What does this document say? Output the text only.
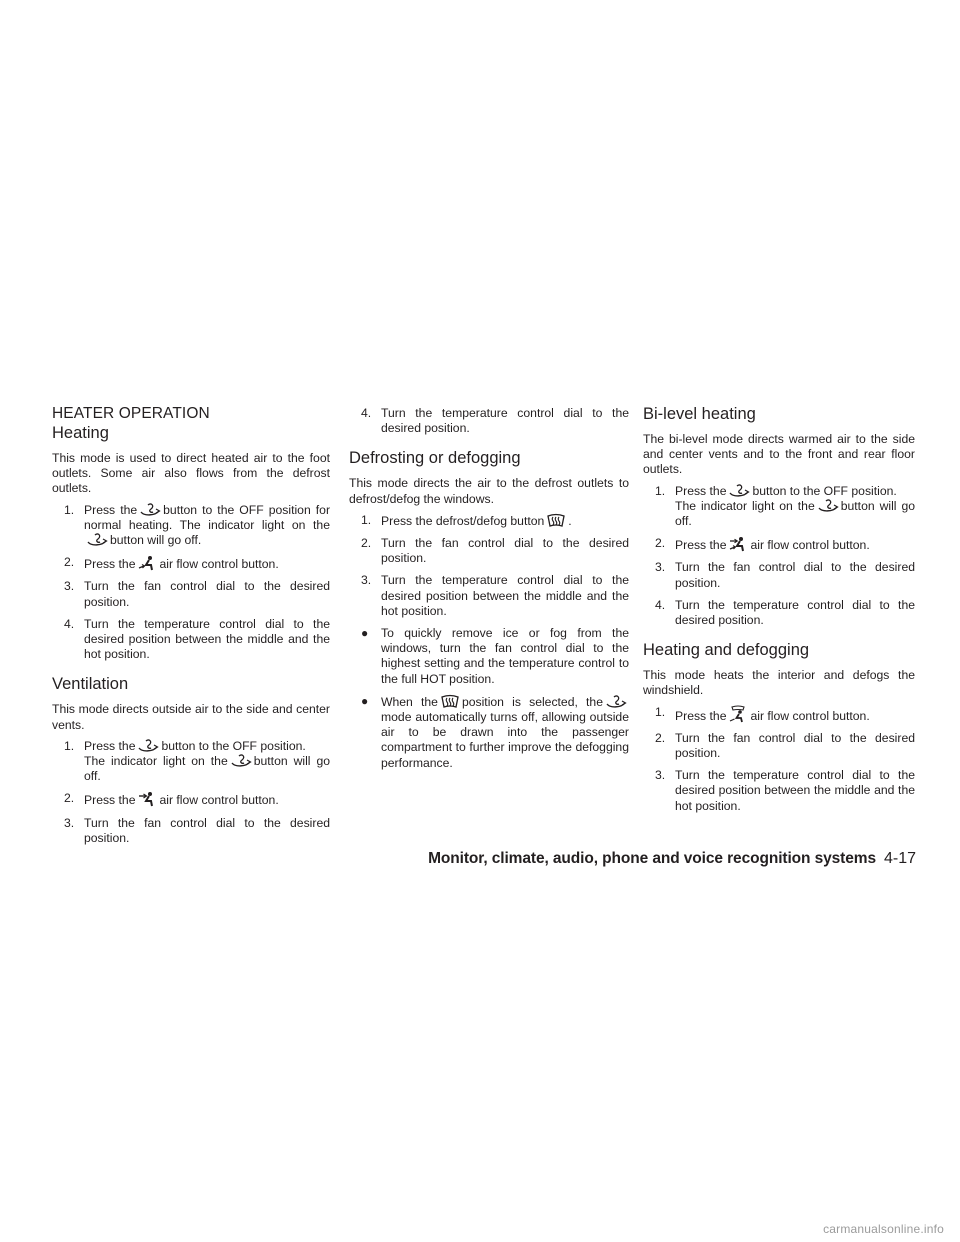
HEATER OPERATION
Heating

This mode is used to direct heated air to the foot outlets. Some air also flows from the defrost outlets.

1. Press the button to the OFF position for normal heating. The indicator light on the
button will go off.
2. Press the air flow control button.
3. Turn the fan control dial to the desired position.
4. Turn the temperature control dial to the desired position between the middle and the hot position.
Ventilation

This mode directs outside air to the side and center vents.

1. Press the button to the OFF position.
The indicator light on the button will go off.
2. Press the air flow control button.
3. Turn the fan control dial to the desired position.
4. Turn the temperature control dial to the desired position.
Defrosting or defogging

This mode directs the air to the defrost outlets to defrost/defog the windows.

1. Press the defrost/defog button .
2. Turn the fan control dial to the desired position.
3. Turn the temperature control dial to the desired position between the middle and the hot position.
● To quickly remove ice or fog from the windows, turn the fan control dial to the highest setting and the temperature control to the full HOT position.
● When the position is selected, the
mode automatically turns off, allowing outside air to be drawn into the passenger compartment to further improve the defogging performance.
Bi-level heating

The bi-level mode directs warmed air to the side and center vents and to the front and rear floor outlets.

1. Press the button to the OFF position.
The indicator light on the button will go off.
2. Press the air flow control button.
3. Turn the fan control dial to the desired position.
4. Turn the temperature control dial to the desired position.
Heating and defogging

This mode heats the interior and defogs the windshield.

1. Press the air flow control button.
2. Turn the fan control dial to the desired position.
3. Turn the temperature control dial to the desired position between the middle and the hot position.
Monitor, climate, audio, phone and voice recognition systems 4-17
carmanualsonline.info
